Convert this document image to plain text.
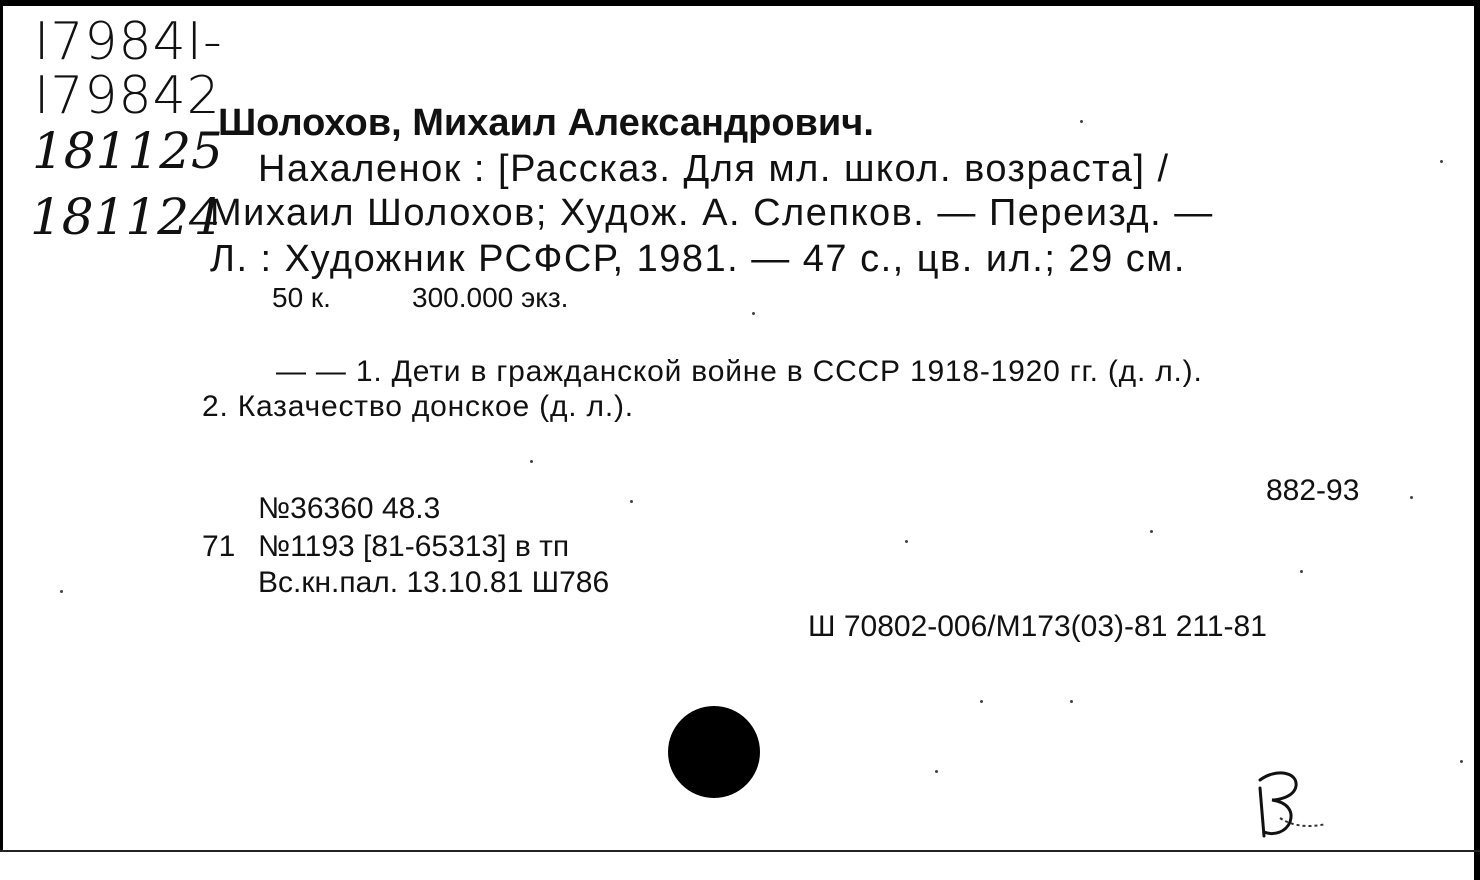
I7984I-
I79842
181125
181124
Шолохов, Михаил Александрович.
Нахаленок : [Рассказ. Для мл. школ. возраста] /
Михаил Шолохов; Худож. А. Слепков. — Переизд. —
Л. : Художник РСФСР, 1981. — 47 с., цв. ил.; 29 см.
50 к.	300.000 экз.
— — 1. Дети в гражданской войне в СССР 1918-1920 гг. (д. л.).
2. Казачество донское (д. л.).
882-93
№36360 48.3
71 №1193 [81-65313] в тп
Вс.кн.пал. 13.10.81 Ш786
Ш 70802-006/М173(03)-81 211-81
